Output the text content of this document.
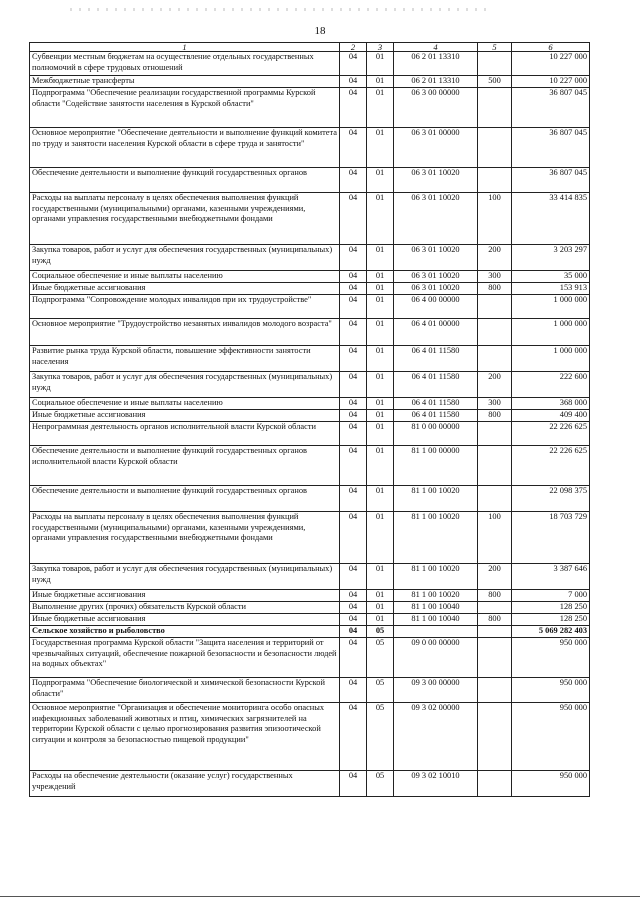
18
1	2	3	4	5	6
Субвенции местным бюджетам на осуществление отдельных государственных полномочий в сфере трудовых отношений	04	01	06 2 01 13310		10 227 000
Межбюджетные трансферты	04	01	06 2 01 13310	500	10 227 000
Подпрограмма "Обеспечение реализации государственной программы Курской области "Содействие занятости населения в Курской области"	04	01	06 3 00 00000		36 807 045
Основное мероприятие "Обеспечение деятельности и выполнение функций комитета по труду и занятости населения Курской области в сфере труда и занятости"	04	01	06 3 01 00000		36 807 045
Обеспечение деятельности и выполнение функций государственных органов	04	01	06 3 01 10020		36 807 045
Расходы на выплаты персоналу в целях обеспечения выполнения функций государственными (муниципальными) органами, казенными учреждениями, органами управления государственными внебюджетными фондами	04	01	06 3 01 10020	100	33 414 835
Закупка товаров, работ и услуг для обеспечения государственных (муниципальных) нужд	04	01	06 3 01 10020	200	3 203 297
Социальное обеспечение и иные выплаты населению	04	01	06 3 01 10020	300	35 000
Иные бюджетные ассигнования	04	01	06 3 01 10020	800	153 913
Подпрограмма "Сопровождение молодых инвалидов при их трудоустройстве"	04	01	06 4 00 00000		1 000 000
Основное мероприятие "Трудоустройство незанятых инвалидов молодого возраста"	04	01	06 4 01 00000		1 000 000
Развитие рынка труда Курской области, повышение эффективности занятости населения	04	01	06 4 01 11580		1 000 000
Закупка товаров, работ и услуг для обеспечения государственных (муниципальных) нужд	04	01	06 4 01 11580	200	222 600
Социальное обеспечение и иные выплаты населению	04	01	06 4 01 11580	300	368 000
Иные бюджетные ассигнования	04	01	06 4 01 11580	800	409 400
Непрограммная деятельность органов исполнительной власти Курской области	04	01	81 0 00 00000		22 226 625
Обеспечение деятельности и выполнение функций государственных органов исполнительной власти Курской области	04	01	81 1 00 00000		22 226 625
Обеспечение деятельности и выполнение функций государственных органов	04	01	81 1 00 10020		22 098 375
Расходы на выплаты персоналу в целях обеспечения выполнения функций государственными (муниципальными) органами, казенными учреждениями, органами управления государственными внебюджетными фондами	04	01	81 1 00 10020	100	18 703 729
Закупка товаров, работ и услуг для обеспечения государственных (муниципальных) нужд	04	01	81 1 00 10020	200	3 387 646
Иные бюджетные ассигнования	04	01	81 1 00 10020	800	7 000
Выполнение других (прочих) обязательств Курской области	04	01	81 1 00 10040		128 250
Иные бюджетные ассигнования	04	01	81 1 00 10040	800	128 250
Сельское хозяйство и рыболовство	04	05			5 069 282 403
Государственная программа Курской области "Защита населения и территорий от чрезвычайных ситуаций, обеспечение пожарной безопасности и безопасности людей на водных объектах"	04	05	09 0 00 00000		950 000
Подпрограмма "Обеспечение биологической и химической безопасности Курской области"	04	05	09 3 00 00000		950 000
Основное мероприятие "Организация и обеспечение мониторинга особо опасных инфекционных заболеваний животных и птиц, химических загрязнителей на территории Курской области с целью прогнозирования развития эпизоотической ситуации и контроля за безопасностью пищевой продукции"	04	05	09 3 02 00000		950 000
Расходы на обеспечение деятельности (оказание услуг) государственных учреждений	04	05	09 3 02 10010		950 000
